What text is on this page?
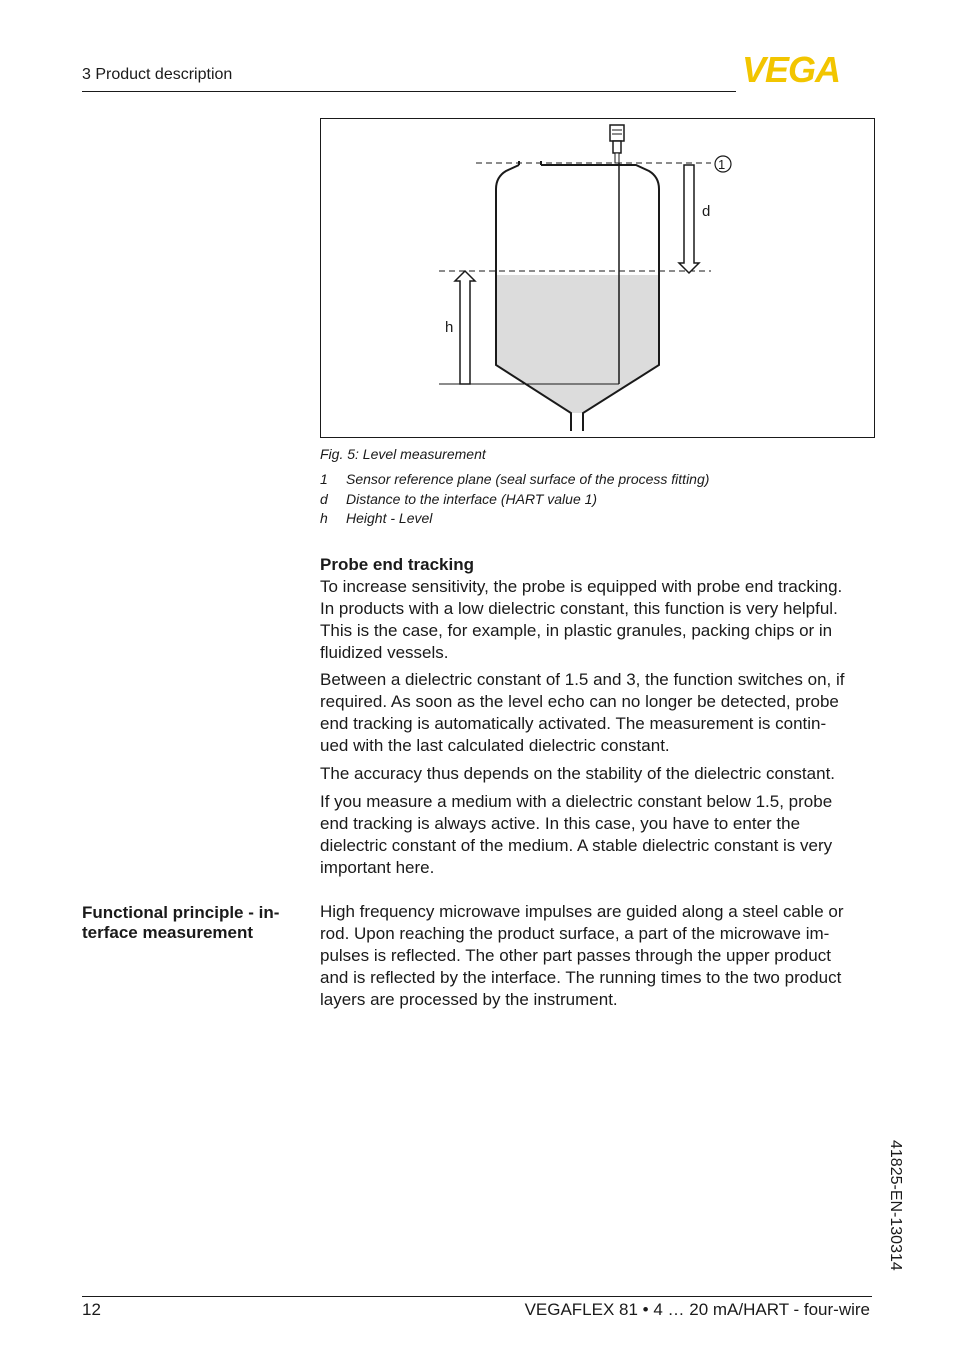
3 Product description	VEGA
1
d
h
Fig. 5: Level measurement
1 Sensor reference plane (seal surface of the process fitting)
d Distance to the interface (HART value 1)
h Height - Level
Probe end tracking
To increase sensitivity, the probe is equipped with probe end tracking.
In products with a low dielectric constant, this function is very helpful.
This is the case, for example, in plastic granules, packing chips or in
fluidized vessels.
Between a dielectric constant of 1.5 and 3, the function switches on, if
required. As soon as the level echo can no longer be detected, probe
end tracking is automatically activated. The measurement is contin-
ued with the last calculated dielectric constant.
The accuracy thus depends on the stability of the dielectric constant.
If you measure a medium with a dielectric constant below 1.5, probe
end tracking is always active. In this case, you have to enter the
dielectric constant of the medium. A stable dielectric constant is very
important here.
Functional principle - in-
terface measurement
High frequency microwave impulses are guided along a steel cable or
rod. Upon reaching the product surface, a part of the microwave im-
pulses is reflected. The other part passes through the upper product
and is reflected by the interface. The running times to the two product
layers are processed by the instrument.
41825-EN-130314
12	VEGAFLEX 81 • 4 … 20 mA/HART - four-wire
